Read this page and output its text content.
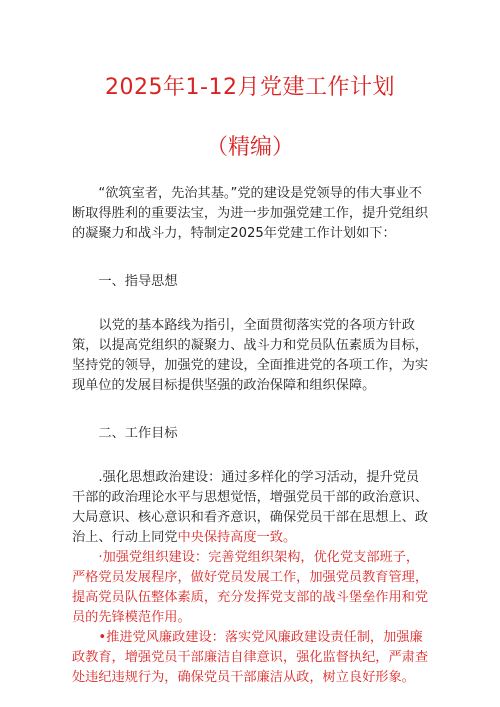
2025年1-12月党建工作计划
（精编）

“欲筑室者，先治其基。”党的建设是党领导的伟大事业不断取得胜利的重要法宝，为进一步加强党建工作，提升党组织的凝聚力和战斗力，特制定2025年党建工作计划如下：

一、指导思想

以党的基本路线为指引，全面贯彻落实党的各项方针政策，以提高党组织的凝聚力、战斗力和党员队伍素质为目标，坚持党的领导，加强党的建设，全面推进党的各项工作，为实现单位的发展目标提供坚强的政治保障和组织保障。

二、工作目标

.强化思想政治建设：通过多样化的学习活动，提升党员干部的政治理论水平与思想觉悟，增强党员干部的政治意识、大局意识、核心意识和看齐意识，确保党员干部在思想上、政治上、行动上同党中央保持高度一致。

·加强党组织建设：完善党组织架构，优化党支部班子，严格党员发展程序，做好党员发展工作，加强党员教育管理，提高党员队伍整体素质，充分发挥党支部的战斗堡垒作用和党员的先锋模范作用。

•推进党风廉政建设：落实党风廉政建设责任制，加强廉政教育，增强党员干部廉洁自律意识，强化监督执纪，严肃查处违纪违规行为，确保党员干部廉洁从政，树立良好形象。
